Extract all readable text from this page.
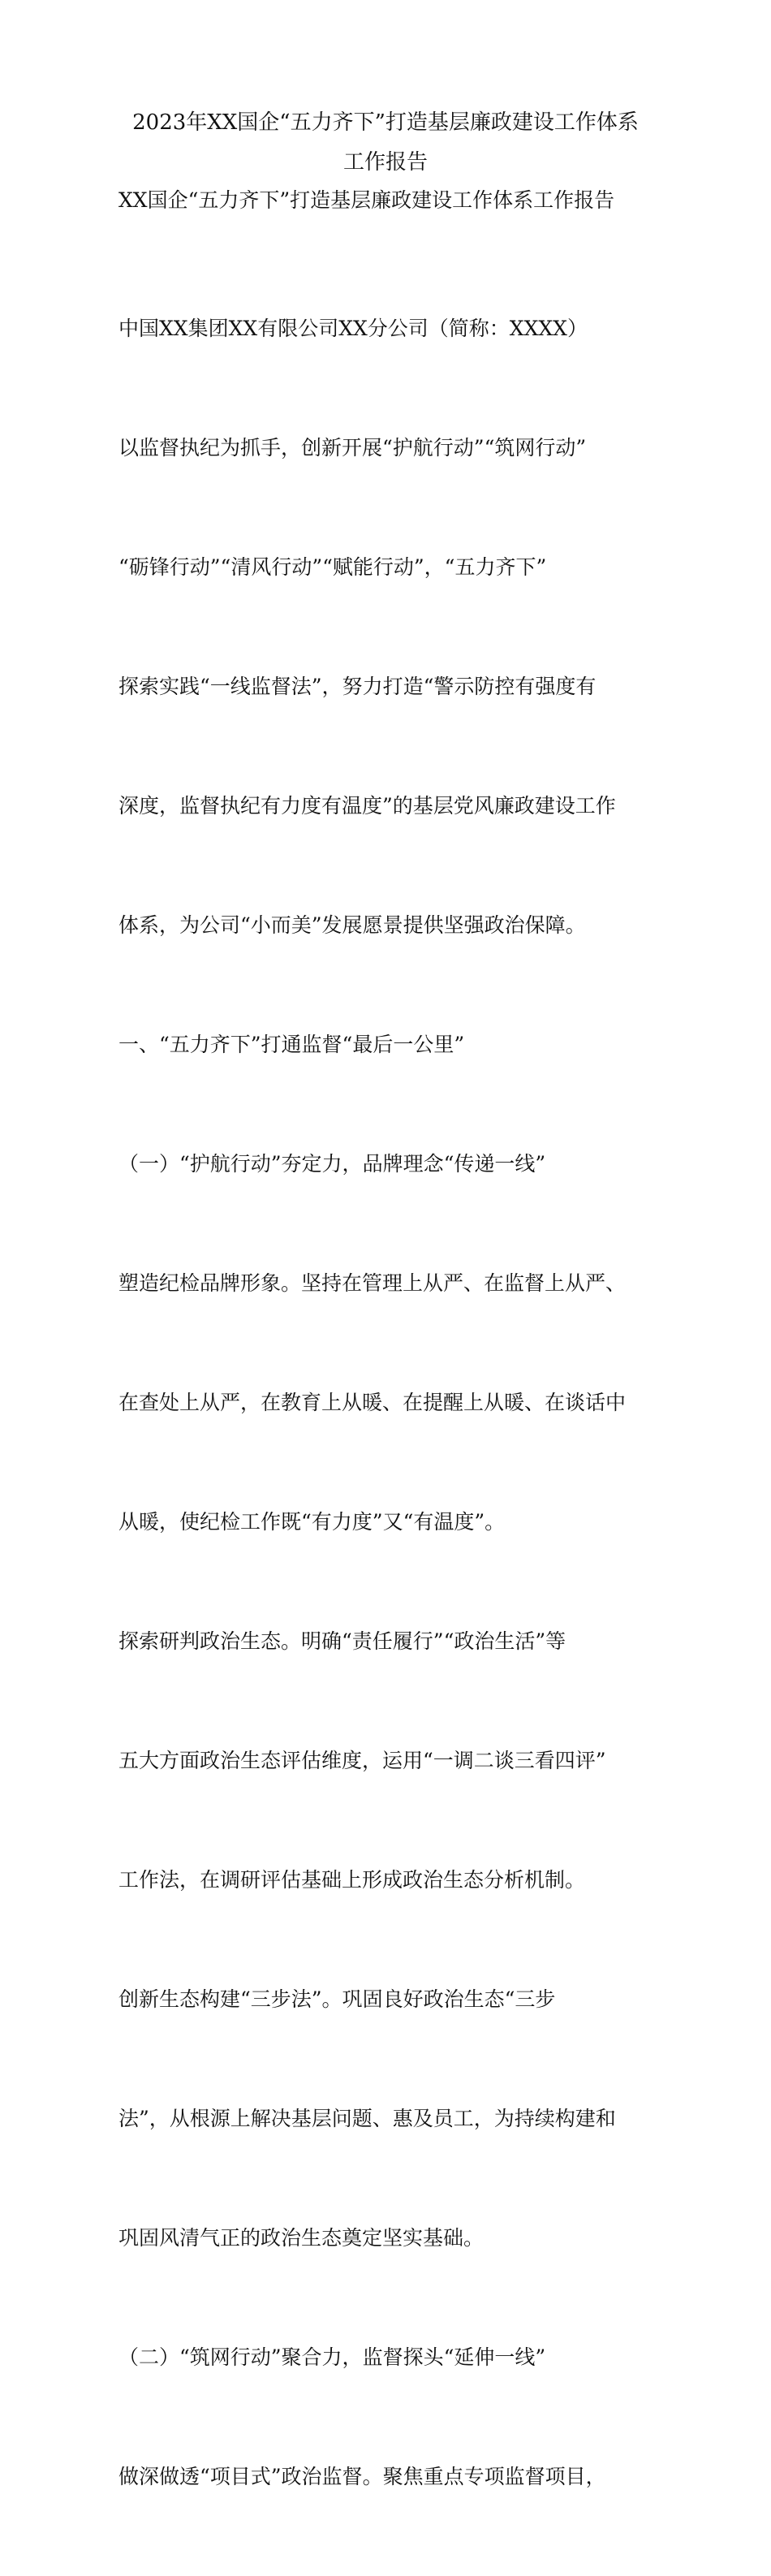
2023年XX国企“五力齐下”打造基层廉政建设工作体系
工作报告
XX国企“五力齐下”打造基层廉政建设工作体系工作报告

中国XX集团XX有限公司XX分公司（简称：XXXX）

以监督执纪为抓手，创新开展“护航行动”“筑网行动”

“砺锋行动”“清风行动”“赋能行动”，“五力齐下”

探索实践“一线监督法”，努力打造“警示防控有强度有

深度，监督执纪有力度有温度”的基层党风廉政建设工作

体系，为公司“小而美”发展愿景提供坚强政治保障。

一、“五力齐下”打通监督“最后一公里”

（一）“护航行动”夯定力，品牌理念“传递一线”

塑造纪检品牌形象。坚持在管理上从严、在监督上从严、

在查处上从严，在教育上从暖、在提醒上从暖、在谈话中

从暖，使纪检工作既“有力度”又“有温度”。

探索研判政治生态。明确“责任履行”“政治生活”等

五大方面政治生态评估维度，运用“一调二谈三看四评”

工作法，在调研评估基础上形成政治生态分析机制。

创新生态构建“三步法”。巩固良好政治生态“三步

法”，从根源上解决基层问题、惠及员工，为持续构建和

巩固风清气正的政治生态奠定坚实基础。

（二）“筑网行动”聚合力，监督探头“延伸一线”

做深做透“项目式”政治监督。聚焦重点专项监督项目，
